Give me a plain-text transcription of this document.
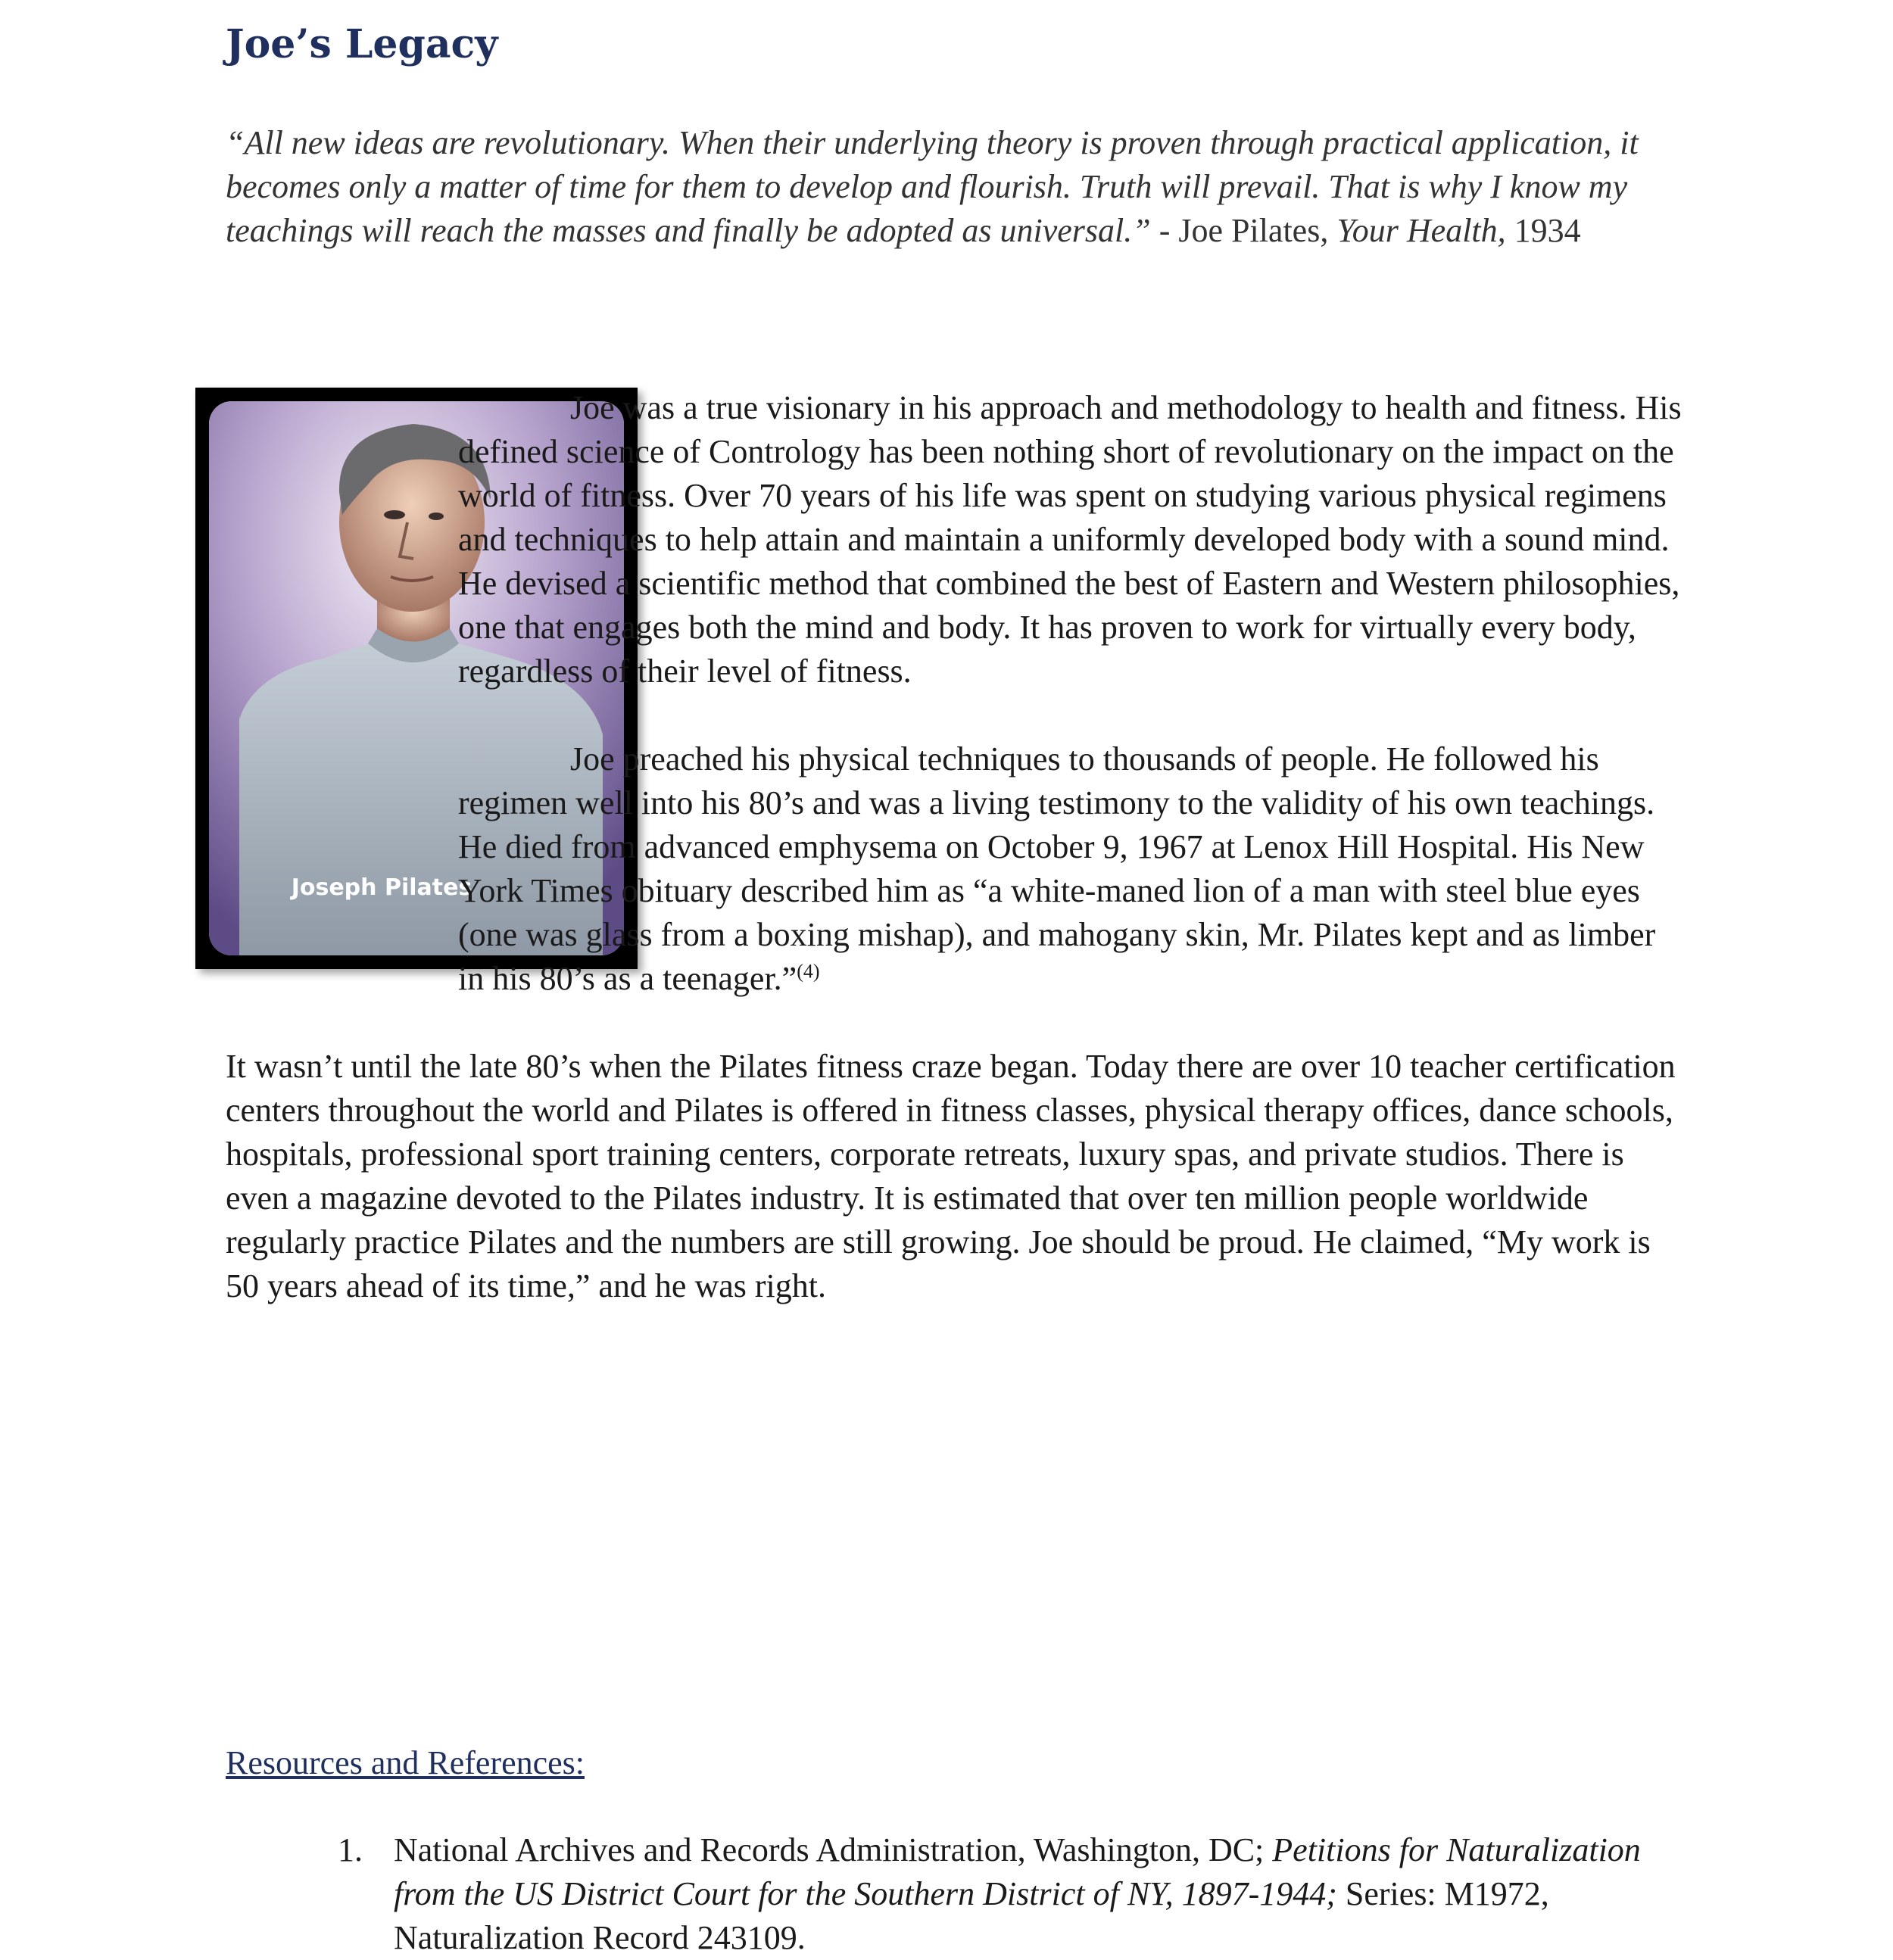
Joe’s Legacy

“All new ideas are revolutionary. When their underlying theory is proven through practical application, it becomes only a matter of time for them to develop and flourish. Truth will prevail. That is why I know my teachings will reach the masses and finally be adopted as universal.” - Joe Pilates, Your Health, 1934

Joseph Pilates

Joe was a true visionary in his approach and methodology to health and fitness. His defined science of Contrology has been nothing short of revolutionary on the impact on the world of fitness. Over 70 years of his life was spent on studying various physical regimens and techniques to help attain and maintain a uniformly developed body with a sound mind. He devised a scientific method that combined the best of Eastern and Western philosophies, one that engages both the mind and body. It has proven to work for virtually every body, regardless of their level of fitness.

Joe preached his physical techniques to thousands of people. He followed his regimen well into his 80’s and was a living testimony to the validity of his own teachings. He died from advanced emphysema on October 9, 1967 at Lenox Hill Hospital. His New York Times obituary described him as “a white-maned lion of a man with steel blue eyes (one was glass from a boxing mishap), and mahogany skin, Mr. Pilates kept and as limber in his 80’s as a teenager.”$^{(4)}$

It wasn’t until the late 80’s when the Pilates fitness craze began. Today there are over 10 teacher certification centers throughout the world and Pilates is offered in fitness classes, physical therapy offices, dance schools, hospitals, professional sport training centers, corporate retreats, luxury spas, and private studios. There is even a magazine devoted to the Pilates industry. It is estimated that over ten million people worldwide regularly practice Pilates and the numbers are still growing. Joe should be proud. He claimed, “My work is 50 years ahead of its time,” and he was right.

Resources and References:

1. National Archives and Records Administration, Washington, DC; Petitions for Naturalization from the US District Court for the Southern District of NY, 1897-1944; Series: M1972, Naturalization Record 243109.
